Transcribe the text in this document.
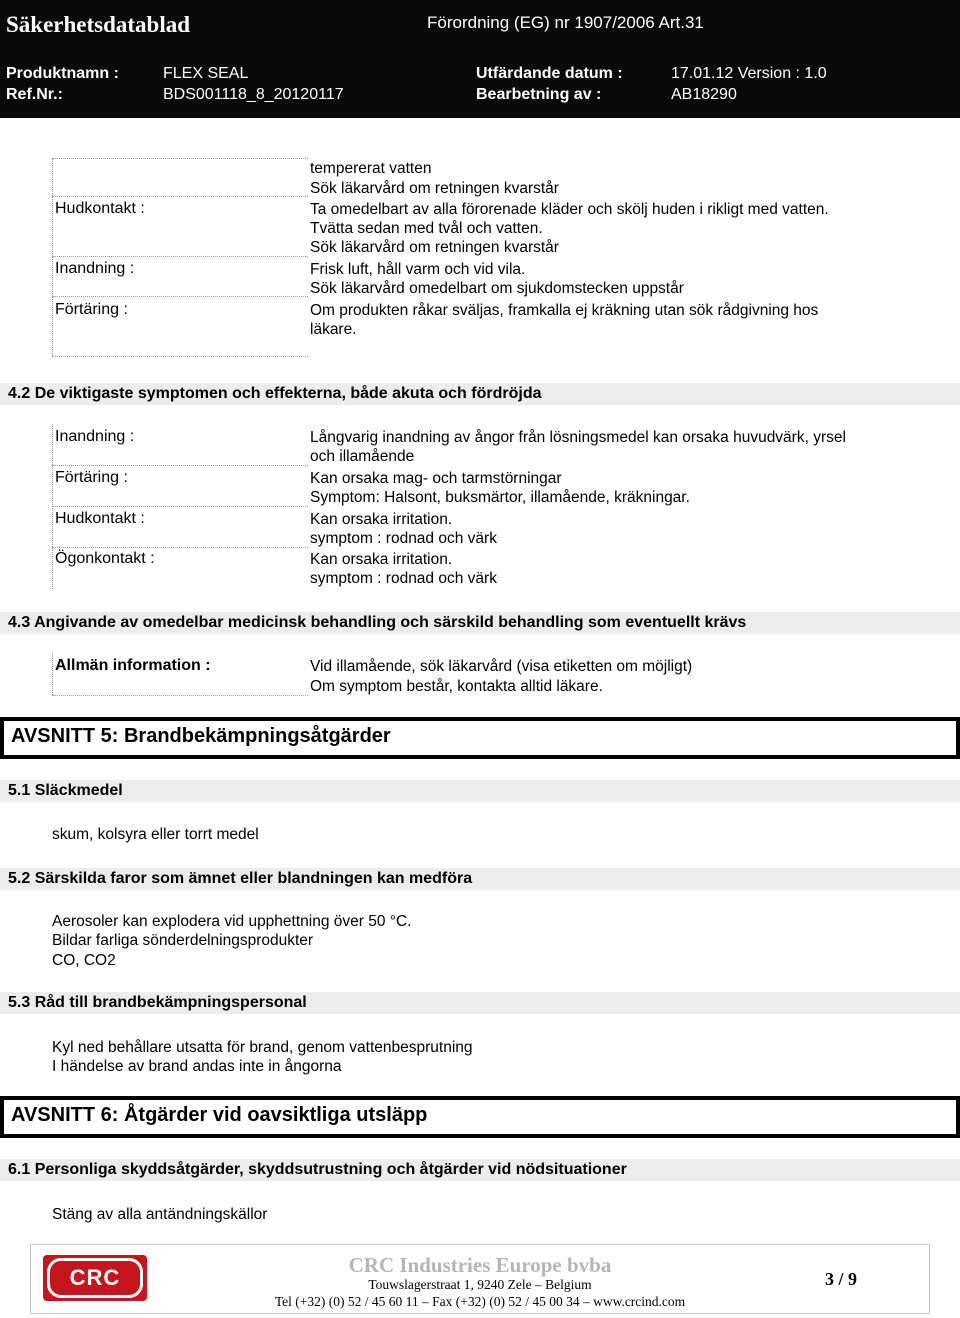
Säkerhetsdatablad	Förordning (EG) nr 1907/2006 Art.31
Produktnamn :	FLEX SEAL	Utfärdande datum :	17.01.12 Version : 1.0
Ref.Nr.:	BDS001118_8_20120117	Bearbetning av :	AB18290
tempererat vatten
Sök läkarvård om retningen kvarstår
Hudkontakt :	Ta omedelbart av alla förorenade kläder och skölj huden i rikligt med vatten.
Tvätta sedan med tvål och vatten.
Sök läkarvård om retningen kvarstår
Inandning :	Frisk luft, håll varm och vid vila.
Sök läkarvård omedelbart om sjukdomstecken uppstår
Förtäring :	Om produkten råkar sväljas, framkalla ej kräkning utan sök rådgivning hos
läkare.
4.2 De viktigaste symptomen och effekterna, både akuta och fördröjda
Inandning :	Långvarig inandning av ångor från lösningsmedel kan orsaka huvudvärk, yrsel
och illamående
Förtäring :	Kan orsaka mag- och tarmstörningar
Symptom: Halsont, buksmärtor, illamående, kräkningar.
Hudkontakt :	Kan orsaka irritation.
symptom : rodnad och värk
Ögonkontakt :	Kan orsaka irritation.
symptom : rodnad och värk
4.3 Angivande av omedelbar medicinsk behandling och särskild behandling som eventuellt krävs
Allmän information :	Vid illamående, sök läkarvård (visa etiketten om möjligt)
Om symptom består, kontakta alltid läkare.
AVSNITT 5: Brandbekämpningsåtgärder
5.1 Släckmedel
skum, kolsyra eller torrt medel
5.2 Särskilda faror som ämnet eller blandningen kan medföra
Aerosoler kan explodera vid upphettning över 50 °C.
Bildar farliga sönderdelningsprodukter
CO, CO2
5.3 Råd till brandbekämpningspersonal
Kyl ned behållare utsatta för brand, genom vattenbesprutning
I händelse av brand andas inte in ångorna
AVSNITT 6: Åtgärder vid oavsiktliga utsläpp
6.1 Personliga skyddsåtgärder, skyddsutrustning och åtgärder vid nödsituationer
Stäng av alla antändningskällor
CRC	CRC Industries Europe bvba
Touwslagerstraat 1, 9240 Zele – Belgium
Tel (+32) (0) 52 / 45 60 11 – Fax (+32) (0) 52 / 45 00 34 – www.crcind.com
3 / 9
